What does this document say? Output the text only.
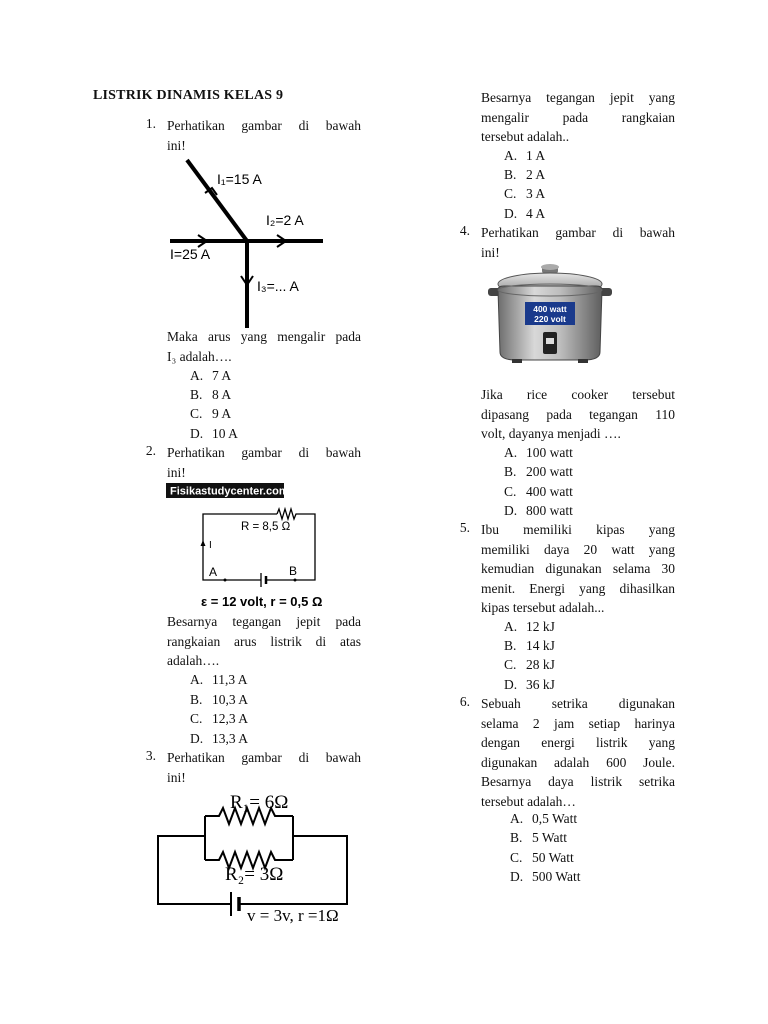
LISTRIK DINAMIS KELAS 9
1. Perhatikan gambar di bawah
ini!
I₁=15 A
I₂=2 A
I=25 A
I₃=... A
Maka arus yang mengalir pada
I₃ adalah….
A. 7 A
B. 8 A
C. 9 A
D. 10 A
2. Perhatikan gambar di bawah
ini!
Fisikastudycenter.com
R = 8,5 Ω
I
A	B
ε = 12 volt, r = 0,5 Ω
Besarnya tegangan jepit pada
rangkaian arus listrik di atas
adalah….
A. 11,3 A
B. 10,3 A
C. 12,3 A
D. 13,3 A
3. Perhatikan gambar di bawah
ini!
R₁= 6Ω
R₂= 3Ω
v = 3v, r =1Ω
Besarnya tegangan jepit yang
mengalir pada rangkaian
tersebut adalah..
A. 1 A
B. 2 A
C. 3 A
D. 4 A
4. Perhatikan gambar di bawah
ini!
400 watt
220 volt
Jika rice cooker tersebut
dipasang pada tegangan 110
volt, dayanya menjadi ….
A. 100 watt
B. 200 watt
C. 400 watt
D. 800 watt
5. Ibu memiliki kipas yang
memiliki daya 20 watt yang
kemudian digunakan selama 30
menit. Energi yang dihasilkan
kipas tersebut adalah...
A. 12 kJ
B. 14 kJ
C. 28 kJ
D. 36 kJ
6. Sebuah setrika digunakan
selama 2 jam setiap harinya
dengan energi listrik yang
digunakan adalah 600 Joule.
Besarnya daya listrik setrika
tersebut adalah…
A. 0,5 Watt
B. 5 Watt
C. 50 Watt
D. 500 Watt
